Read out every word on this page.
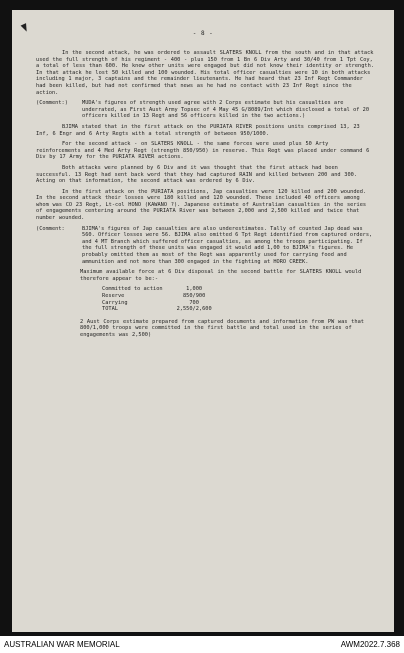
- 8 -

In the second attack, he was ordered to assault SLATERS KNOLL from the south and in that attack used the full strength of his regiment - 400 - plus 150 from 1 Bn 6 Div Arty and 30/40 from 1 Tpt Coy, a total of less than 600. He knew other units were engaged but did not know their identity or strength. In that attack he lost 50 killed and 100 wounded. His total officer casualties were 10 in both attacks including 1 major, 3 captains and the remainder lieutenants. He had heard that 23 Inf Regt Commander had been killed, but had not confirmed that news as he had no contact with 23 Inf Regt since the action.

(Comment:)	MUDA's figures of strength used agree with 2 Corps estimate but his casualties are underrated, as First Aust Army Topsec of 4 May 45 G/8089/Int which disclosed a total of 20 officers killed in 13 Regt and 56 officers killed in the two actions.)

BJIMA stated that in the first attack on the PURIATA RIVER positions units comprised 13, 23 Inf, 6 Engr and 6 Arty Regts with a total strength of between 950/1000.

For the second attack - on SLATERS KNOLL - the same forces were used plus 50 Arty reinforcements and 4 Med Arty Regt (strength 850/950) in reserve. This Regt was placed under command 6 Div by 17 Army for the PURIATA RIVER actions.

Both attacks were planned by 6 Div and it was thought that the first attack had been successful. 13 Regt had sent back word that they had captured RAIN and killed between 200 and 300. Acting on that information, the second attack was ordered by 6 Div.

In the first attack on the PURIATA positions, Jap casualties were 120 killed and 200 wounded. In the second attack their losses were 180 killed and 120 wounded. These included 40 officers among whom was CO 23 Regt, Lt-col HONO (KAWANO ?). Japanese estimate of Australian casualties in the series of engagements centering around the PURIATA River was between 2,000 and 2,500 killed and twice that number wounded.

(Comment:	BJIMA's figures of Jap casualties are also underestimates. Tally of counted Jap dead was 560. Officer losses were 56. BJIMA also omitted 6 Tpt Regt identified from captured orders, and 4 MT Branch which suffered officer casualties, as among the troops participating. If the full strength of these units was engaged it would add 1,00 to BJIMA's figures. He probably omitted them as most of the Regt was apparently used for carrying food and ammunition and not more than 300 engaged in the fighting at HORO CREEK.

Maximum available force at 6 Div disposal in the second battle for SLATERS KNOLL would therefore appear to be:-

Committed to action	1,000
Reserve	850/900
Carrying	700
TOTAL	2,550/2,600

2 Aust Corps estimate prepared from captured documents and information from PW was that 800/1,000 troops were committed in the first battle and total used in the series of engagements was 2,500)

AUSTRALIAN WAR MEMORIAL	AWM2022.7.368
